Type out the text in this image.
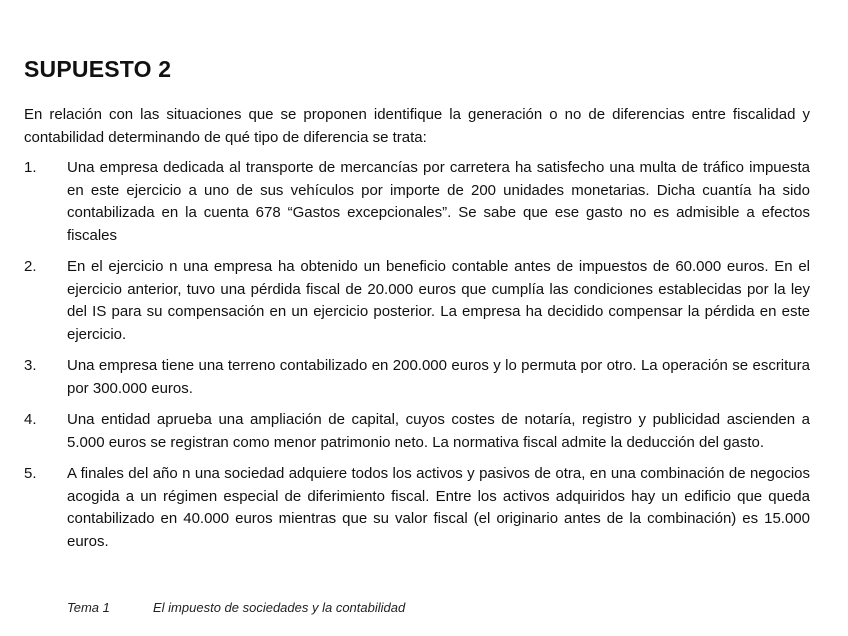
SUPUESTO 2

En relación con las situaciones que se proponen identifique la generación o no de diferencias entre fiscalidad y contabilidad determinando de qué tipo de diferencia se trata:

1. Una empresa dedicada al transporte de mercancías por carretera ha satisfecho una multa de tráfico impuesta en este ejercicio a uno de sus vehículos por importe de 200 unidades monetarias. Dicha cuantía ha sido contabilizada en la cuenta 678 “Gastos excepcionales”. Se sabe que ese gasto no es admisible a efectos fiscales
2. En el ejercicio n una empresa ha obtenido un beneficio contable antes de impuestos de 60.000 euros. En el ejercicio anterior, tuvo una pérdida fiscal de 20.000 euros que cumplía las condiciones establecidas por la ley del IS para su compensación en un ejercicio posterior. La empresa ha decidido compensar la pérdida en este ejercicio.
3. Una empresa tiene una terreno contabilizado en 200.000 euros y lo permuta por otro. La operación se escritura por 300.000 euros.
4. Una entidad aprueba una ampliación de capital, cuyos costes de notaría, registro y publicidad ascienden a 5.000 euros se registran como menor patrimonio neto. La normativa fiscal admite la deducción del gasto.
5. A finales del año n una sociedad adquiere todos los activos y pasivos de otra, en una combinación de negocios acogida a un régimen especial de diferimiento fiscal. Entre los activos adquiridos hay un edificio que queda contabilizado en 40.000 euros mientras que su valor fiscal (el originario antes de la combinación) es 15.000 euros.
Tema 1	El impuesto de sociedades y la contabilidad
